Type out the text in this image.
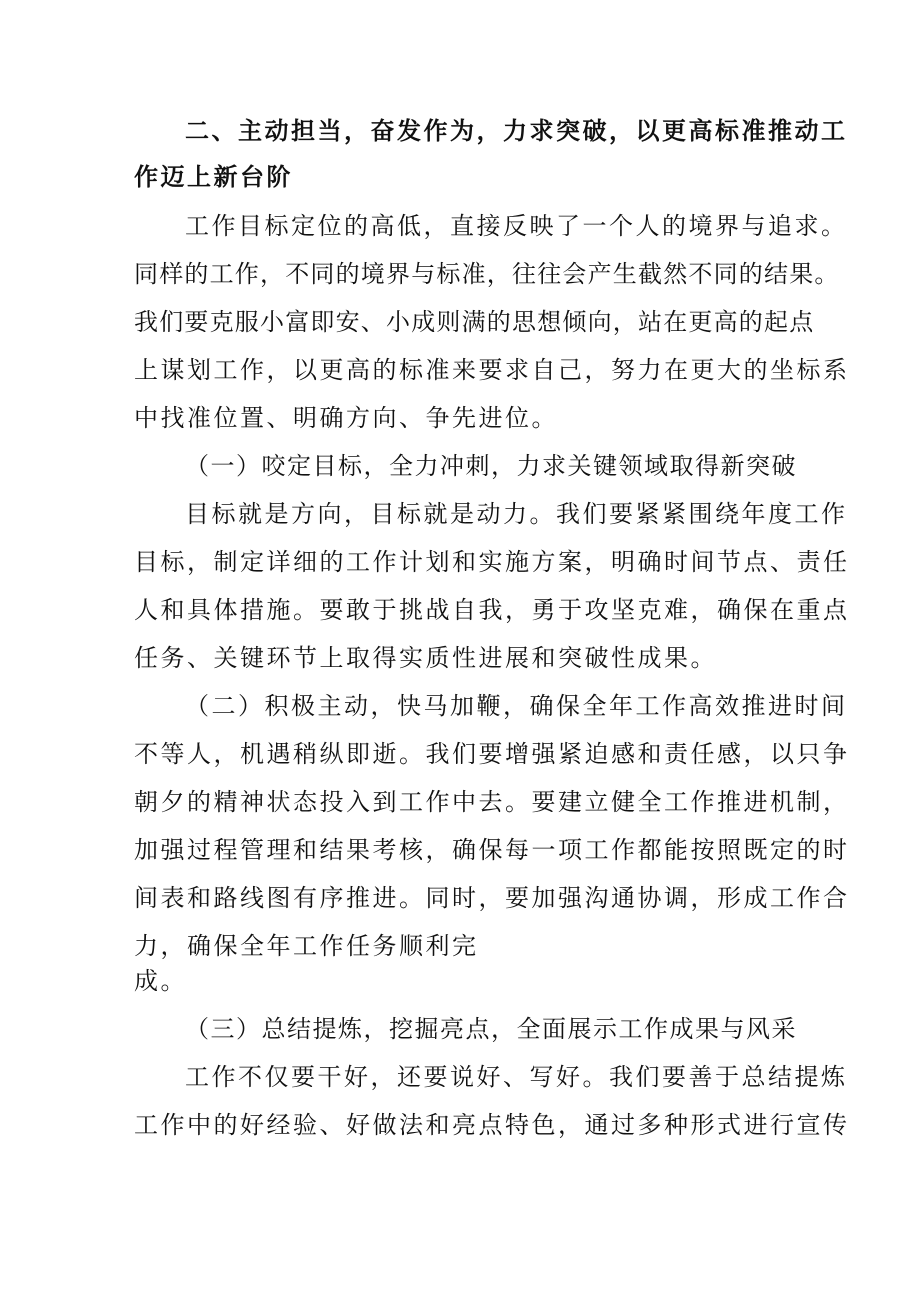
二、主动担当，奋发作为，力求突破，以更高标准推动工
作迈上新台阶
工作目标定位的高低，直接反映了一个人的境界与追求。
同样的工作，不同的境界与标准，往往会产生截然不同的结果。
我们要克服小富即安、小成则满的思想倾向，站在更高的起点
上谋划工作，以更高的标准来要求自己，努力在更大的坐标系
中找准位置、明确方向、争先进位。
（一）咬定目标，全力冲刺，力求关键领域取得新突破
目标就是方向，目标就是动力。我们要紧紧围绕年度工作
目标，制定详细的工作计划和实施方案，明确时间节点、责任
人和具体措施。要敢于挑战自我，勇于攻坚克难，确保在重点
任务、关键环节上取得实质性进展和突破性成果。
（二）积极主动，快马加鞭，确保全年工作高效推进时间
不等人，机遇稍纵即逝。我们要增强紧迫感和责任感，以只争
朝夕的精神状态投入到工作中去。要建立健全工作推进机制，
加强过程管理和结果考核，确保每一项工作都能按照既定的时
间表和路线图有序推进。同时，要加强沟通协调，形成工作合
力，确保全年工作任务顺利完
成。
（三）总结提炼，挖掘亮点，全面展示工作成果与风采
工作不仅要干好，还要说好、写好。我们要善于总结提炼
工作中的好经验、好做法和亮点特色，通过多种形式进行宣传
